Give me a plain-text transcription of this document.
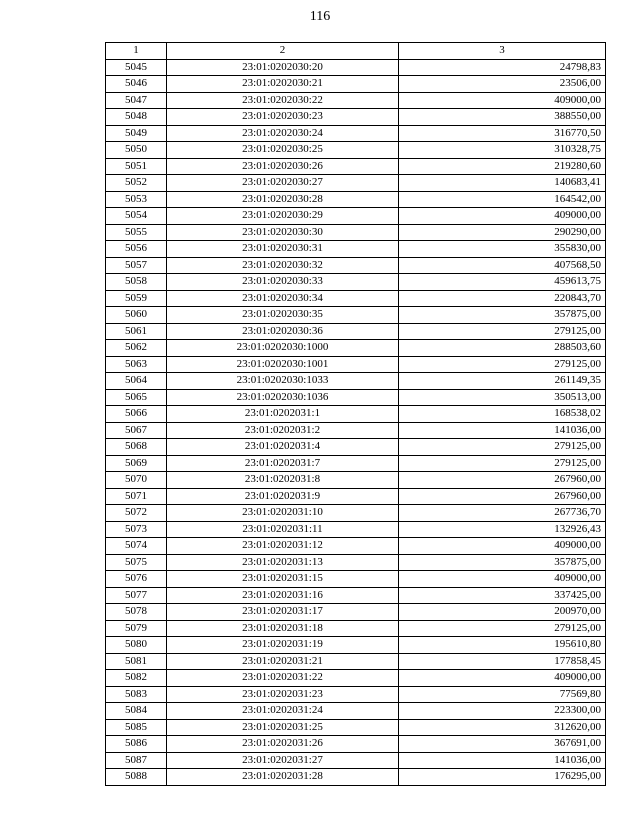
116
1	2	3
5045	23:01:0202030:20	24798,83
5046	23:01:0202030:21	23506,00
5047	23:01:0202030:22	409000,00
5048	23:01:0202030:23	388550,00
5049	23:01:0202030:24	316770,50
5050	23:01:0202030:25	310328,75
5051	23:01:0202030:26	219280,60
5052	23:01:0202030:27	140683,41
5053	23:01:0202030:28	164542,00
5054	23:01:0202030:29	409000,00
5055	23:01:0202030:30	290290,00
5056	23:01:0202030:31	355830,00
5057	23:01:0202030:32	407568,50
5058	23:01:0202030:33	459613,75
5059	23:01:0202030:34	220843,70
5060	23:01:0202030:35	357875,00
5061	23:01:0202030:36	279125,00
5062	23:01:0202030:1000	288503,60
5063	23:01:0202030:1001	279125,00
5064	23:01:0202030:1033	261149,35
5065	23:01:0202030:1036	350513,00
5066	23:01:0202031:1	168538,02
5067	23:01:0202031:2	141036,00
5068	23:01:0202031:4	279125,00
5069	23:01:0202031:7	279125,00
5070	23:01:0202031:8	267960,00
5071	23:01:0202031:9	267960,00
5072	23:01:0202031:10	267736,70
5073	23:01:0202031:11	132926,43
5074	23:01:0202031:12	409000,00
5075	23:01:0202031:13	357875,00
5076	23:01:0202031:15	409000,00
5077	23:01:0202031:16	337425,00
5078	23:01:0202031:17	200970,00
5079	23:01:0202031:18	279125,00
5080	23:01:0202031:19	195610,80
5081	23:01:0202031:21	177858,45
5082	23:01:0202031:22	409000,00
5083	23:01:0202031:23	77569,80
5084	23:01:0202031:24	223300,00
5085	23:01:0202031:25	312620,00
5086	23:01:0202031:26	367691,00
5087	23:01:0202031:27	141036,00
5088	23:01:0202031:28	176295,00
